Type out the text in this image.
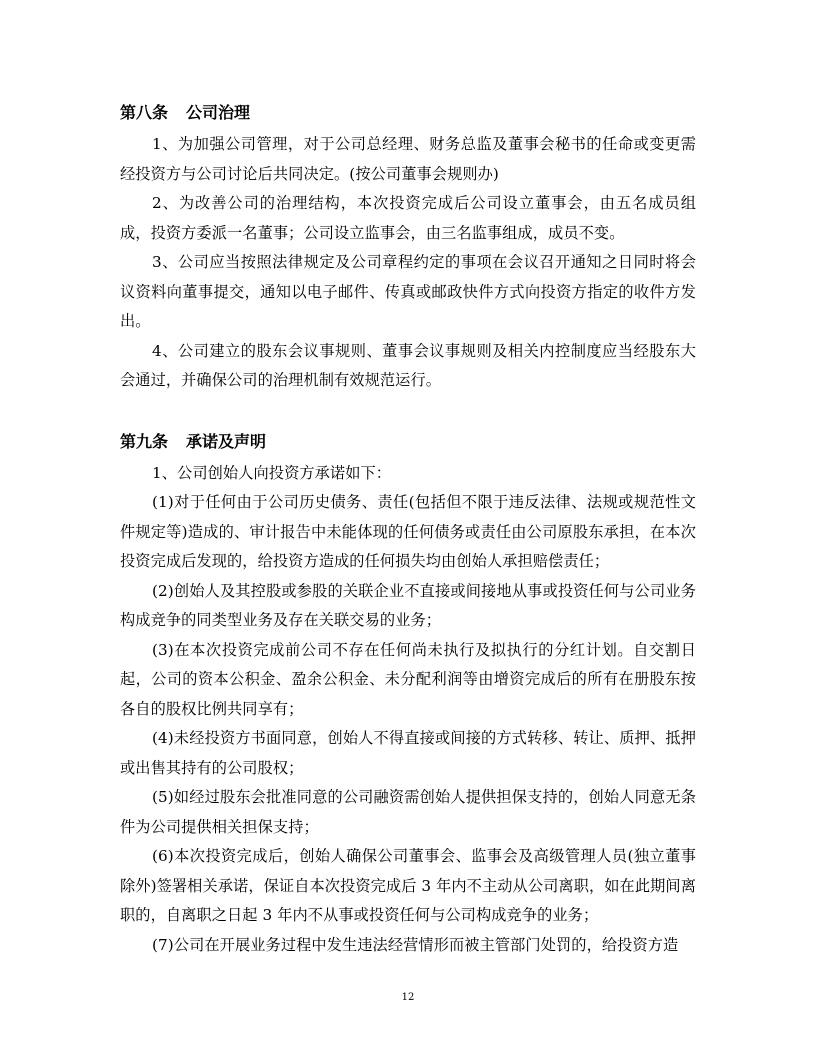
第八条 公司治理

1、为加强公司管理，对于公司总经理、财务总监及董事会秘书的任命或变更需经投资方与公司讨论后共同决定。(按公司董事会规则办)

2、为改善公司的治理结构，本次投资完成后公司设立董事会，由五名成员组成，投资方委派一名董事；公司设立监事会，由三名监事组成，成员不变。

3、公司应当按照法律规定及公司章程约定的事项在会议召开通知之日同时将会议资料向董事提交，通知以电子邮件、传真或邮政快件方式向投资方指定的收件方发出。

4、公司建立的股东会议事规则、董事会议事规则及相关内控制度应当经股东大会通过，并确保公司的治理机制有效规范运行。

第九条 承诺及声明

1、公司创始人向投资方承诺如下：

(1)对于任何由于公司历史债务、责任(包括但不限于违反法律、法规或规范性文件规定等)造成的、审计报告中未能体现的任何债务或责任由公司原股东承担，在本次投资完成后发现的，给投资方造成的任何损失均由创始人承担赔偿责任；

(2)创始人及其控股或参股的关联企业不直接或间接地从事或投资任何与公司业务构成竞争的同类型业务及存在关联交易的业务；

(3)在本次投资完成前公司不存在任何尚未执行及拟执行的分红计划。自交割日起，公司的资本公积金、盈余公积金、未分配利润等由增资完成后的所有在册股东按各自的股权比例共同享有；

(4)未经投资方书面同意，创始人不得直接或间接的方式转移、转让、质押、抵押或出售其持有的公司股权；

(5)如经过股东会批准同意的公司融资需创始人提供担保支持的，创始人同意无条件为公司提供相关担保支持；

(6)本次投资完成后，创始人确保公司董事会、监事会及高级管理人员(独立董事除外)签署相关承诺，保证自本次投资完成后 3 年内不主动从公司离职，如在此期间离职的，自离职之日起 3 年内不从事或投资任何与公司构成竞争的业务；

(7)公司在开展业务过程中发生违法经营情形而被主管部门处罚的，给投资方造

12
